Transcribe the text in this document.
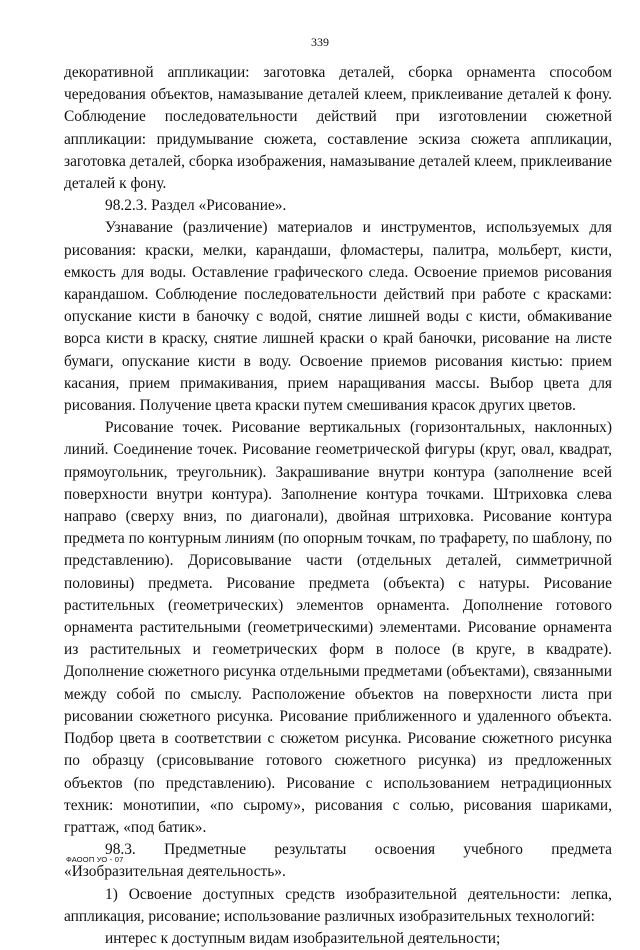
339

декоративной аппликации: заготовка деталей, сборка орнамента способом чередования объектов, намазывание деталей клеем, приклеивание деталей к фону. Соблюдение последовательности действий при изготовлении сюжетной аппликации: придумывание сюжета, составление эскиза сюжета аппликации, заготовка деталей, сборка изображения, намазывание деталей клеем, приклеивание деталей к фону.

98.2.3. Раздел «Рисование».

Узнавание (различение) материалов и инструментов, используемых для рисования: краски, мелки, карандаши, фломастеры, палитра, мольберт, кисти, емкость для воды. Оставление графического следа. Освоение приемов рисования карандашом. Соблюдение последовательности действий при работе с красками: опускание кисти в баночку с водой, снятие лишней воды с кисти, обмакивание ворса кисти в краску, снятие лишней краски о край баночки, рисование на листе бумаги, опускание кисти в воду. Освоение приемов рисования кистью: прием касания, прием примакивания, прием наращивания массы. Выбор цвета для рисования. Получение цвета краски путем смешивания красок других цветов.

Рисование точек. Рисование вертикальных (горизонтальных, наклонных) линий. Соединение точек. Рисование геометрической фигуры (круг, овал, квадрат, прямоугольник, треугольник). Закрашивание внутри контура (заполнение всей поверхности внутри контура). Заполнение контура точками. Штриховка слева направо (сверху вниз, по диагонали), двойная штриховка. Рисование контура предмета по контурным линиям (по опорным точкам, по трафарету, по шаблону, по представлению). Дорисовывание части (отдельных деталей, симметричной половины) предмета. Рисование предмета (объекта) с натуры. Рисование растительных (геометрических) элементов орнамента. Дополнение готового орнамента растительными (геометрическими) элементами. Рисование орнамента из растительных и геометрических форм в полосе (в круге, в квадрате). Дополнение сюжетного рисунка отдельными предметами (объектами), связанными между собой по смыслу. Расположение объектов на поверхности листа при рисовании сюжетного рисунка. Рисование приближенного и удаленного объекта. Подбор цвета в соответствии с сюжетом рисунка. Рисование сюжетного рисунка по образцу (срисовывание готового сюжетного рисунка) из предложенных объектов (по представлению). Рисование с использованием нетрадиционных техник: монотипии, «по сырому», рисования с солью, рисования шариками, граттаж, «под батик».

98.3. Предметные результаты освоения учебного предмета «Изобразительная деятельность».

1) Освоение доступных средств изобразительной деятельности: лепка, аппликация, рисование; использование различных изобразительных технологий:

интерес к доступным видам изобразительной деятельности;

ФАООП УО - 07
